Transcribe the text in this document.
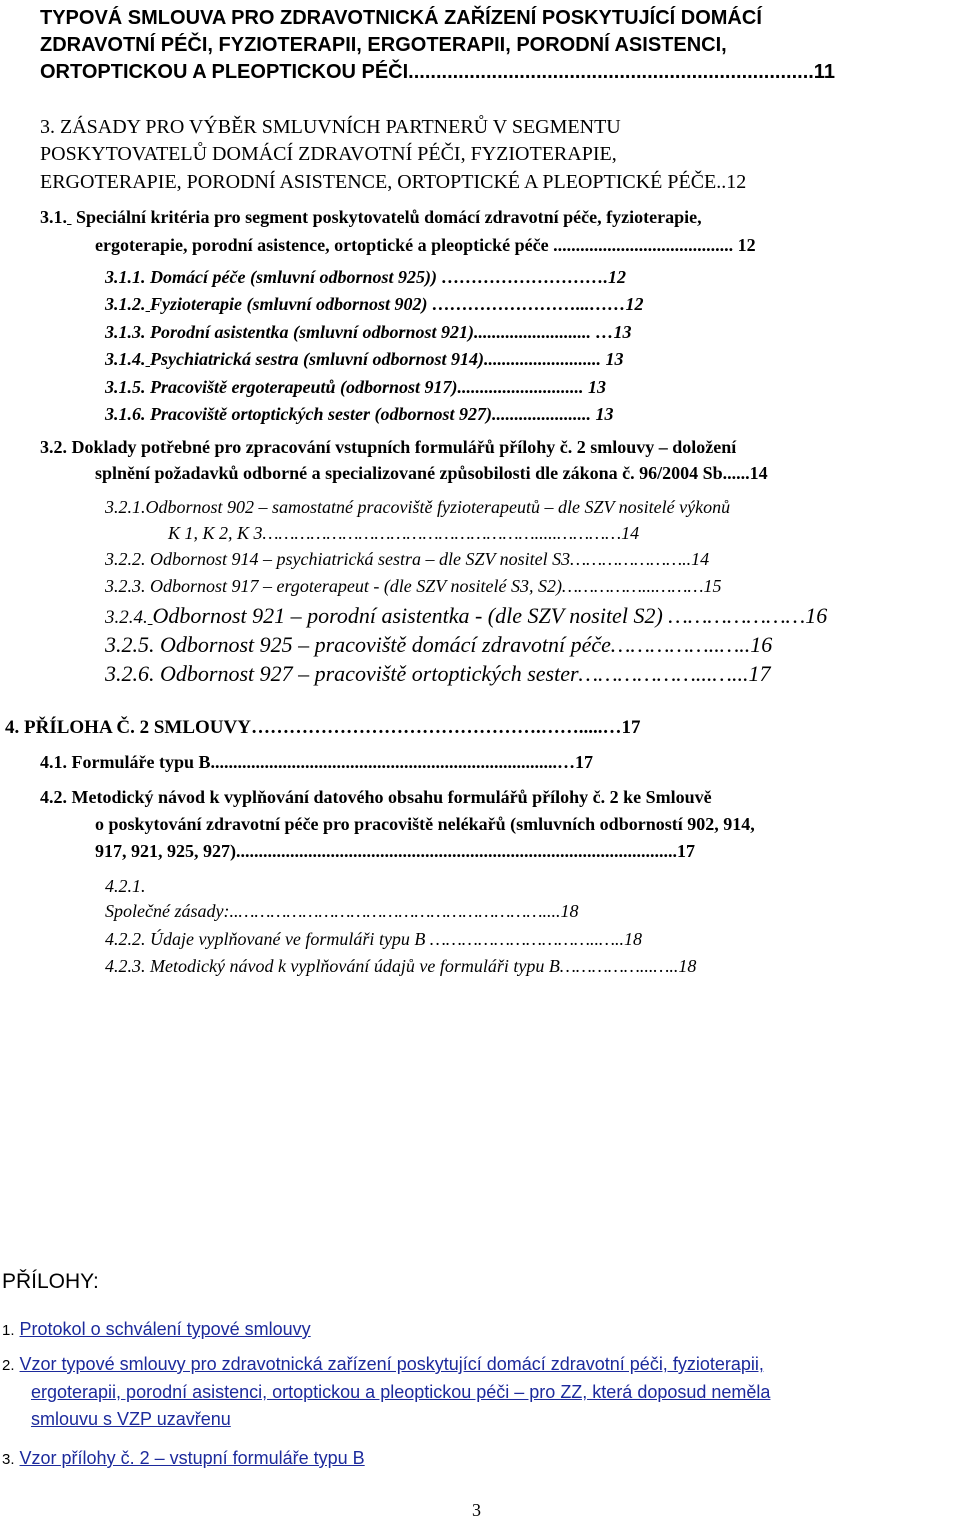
TYPOVÁ SMLOUVA PRO ZDRAVOTNICKÁ ZAŘÍZENÍ POSKYTUJÍCÍ DOMÁCÍ
ZDRAVOTNÍ PÉČI, FYZIOTERAPII, ERGOTERAPII, PORODNÍ ASISTENCI,
ORTOPTICKOU A PLEOPTICKOU PÉČI.........................................................................11
3. ZÁSADY PRO VÝBĚR SMLUVNÍCH PARTNERŮ V SEGMENTU
POSKYTOVATELŮ DOMÁCÍ ZDRAVOTNÍ PÉČI, FYZIOTERAPIE,
ERGOTERAPIE, PORODNÍ ASISTENCE, ORTOPTICKÉ A PLEOPTICKÉ PÉČE..12
3.1. Speciální kritéria pro segment poskytovatelů domácí zdravotní péče, fyzioterapie,
ergoterapie, porodní asistence, ortoptické a pleoptické péče ........................................ 12
3.1.1. Domácí péče (smluvní odbornost 925)) ……………………….12
3.1.2. Fyzioterapie (smluvní odbornost 902) ……………………...……12
3.1.3. Porodní asistentka (smluvní odbornost 921).......................... …13
3.1.4. Psychiatrická sestra (smluvní odbornost 914).......................... 13
3.1.5. Pracoviště ergoterapeutů (odbornost 917)............................ 13
3.1.6. Pracoviště ortoptických sester (odbornost 927)...................... 13
3.2. Doklady potřebné pro zpracování vstupních formulářů přílohy č. 2 smlouvy – doložení
splnění požadavků odborné a specializované způsobilosti dle zákona č. 96/2004 Sb......14
3.2.1.Odbornost 902 – samostatné pracoviště fyzioterapeutů – dle SZV nositelé výkonů
K 1, K 2, K 3…………………………………………….....…………14
3.2.2. Odbornost 914 – psychiatrická sestra – dle SZV nositel S3…………………..14
3.2.3. Odbornost 917 – ergoterapeut - (dle SZV nositelé S3, S2)……………...………15
3.2.4. Odbornost 921 – porodní asistentka - (dle SZV nositel S2) …………………16
3.2.5. Odbornost 925 – pracoviště domácí zdravotní péče……………..…..16
3.2.6. Odbornost 927 – pracoviště ortoptických sester………………...…...17
4. PŘÍLOHA Č. 2 SMLOUVY……………………………………….…….....…17
4.1. Formuláře typu B.............................................................................…17
4.2. Metodický návod k vyplňování datového obsahu formulářů přílohy č. 2 ke Smlouvě
o poskytování zdravotní péče pro pracoviště nelékařů (smluvních odborností 902, 914,
917, 921, 925, 927)..................................................................................................17
4.2.1.
Společné zásady:..…………………………………………………....18
4.2.2. Údaje vyplňované ve formuláři typu B …………………………..…..18
4.2.3. Metodický návod k vyplňování údajů ve formuláři typu B……………...…..18
PŘÍLOHY:
1. Protokol o schválení typové smlouvy
2. Vzor typové smlouvy pro zdravotnická zařízení poskytující domácí zdravotní péči, fyzioterapii,
ergoterapii, porodní asistenci, ortoptickou a pleoptickou péči – pro ZZ, která doposud neměla
smlouvu s VZP uzavřenu
3. Vzor přílohy č. 2 – vstupní formuláře typu B
3
